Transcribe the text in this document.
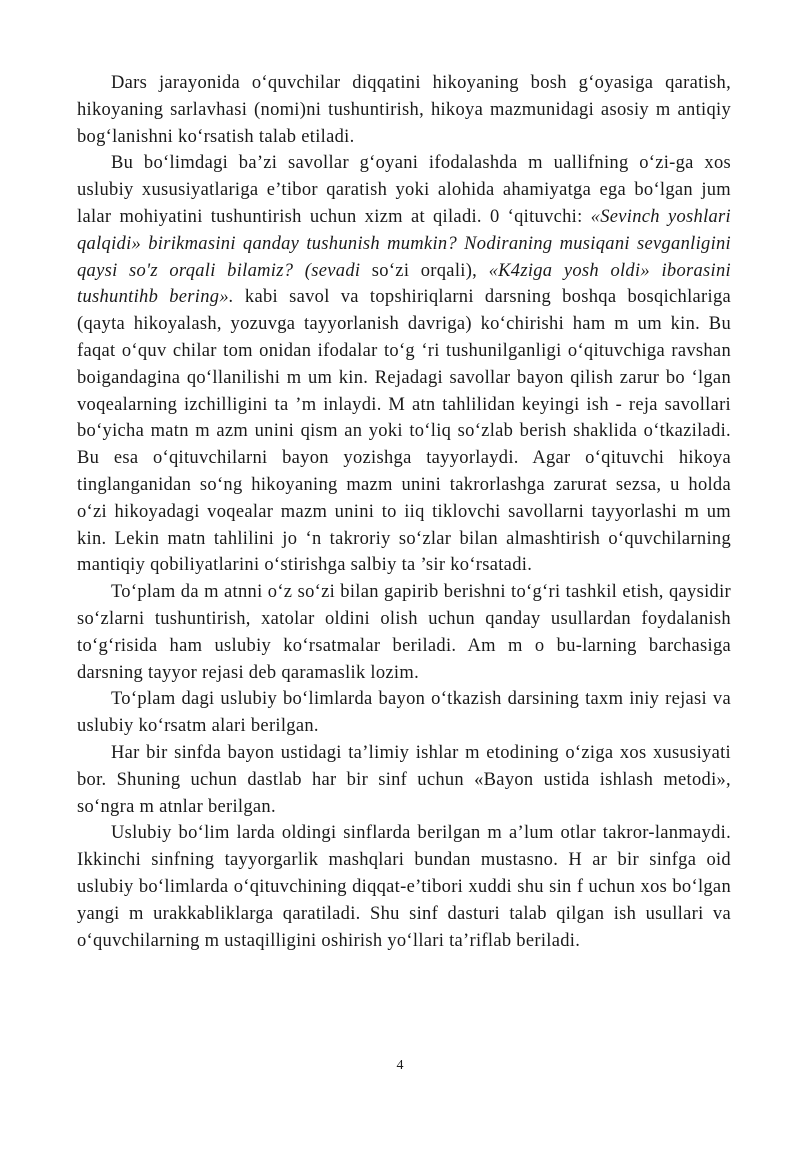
Dars jarayonida o‘quvchilar diqqatini hikoyaning bosh g‘oyasiga qaratish, hikoyaning sarlavhasi (nomi)ni tushuntirish, hikoya mazmunidagi asosiy m antiqiy bog‘lanishni ko‘rsatish talab etiladi.

Bu bo‘limdagi ba’zi savollar g‘oyani ifodalashda m uallifning o‘zi-ga xos uslubiy xususiyatlariga e’tibor qaratish yoki alohida ahamiyatga ega bo‘lgan jum lalar mohiyatini tushuntirish uchun xizm at qiladi. 0 ‘qituvchi: «Sevinch yoshlari qalqidi» birikmasini qanday tushunish mumkin? Nodiraning musiqani sevganligini qaysi so'z orqali bilamiz? (sevadi so‘zi orqali), «K4ziga yosh oldi» iborasini tushuntihb bering». kabi savol va topshiriqlarni darsning boshqa bosqichlariga (qayta hikoyalash, yozuvga tayyorlanish davriga) ko‘chirishi ham m um kin. Bu faqat o‘quv chilar tom onidan ifodalar to‘g ‘ri tushunilganligi o‘qituvchiga ravshan boigandagina qo‘llanilishi m um kin. Rejadagi savollar bayon qilish zarur bo ‘lgan voqealarning izchilligini ta ’m inlaydi. M atn tahlilidan keyingi ish - reja savollari bo‘yicha matn m azm unini qism an yoki to‘liq so‘zlab berish shaklida o‘tkaziladi. Bu esa o‘qituvchilarni bayon yozishga tayyorlaydi. Agar o‘qituvchi hikoya tinglanganidan so‘ng hikoyaning mazm unini takrorlashga zarurat sezsa, u holda o‘zi hikoyadagi voqealar mazm unini to iiq tiklovchi savollarni tayyorlashi m um kin. Lekin matn tahlilini jo ‘n takroriy so‘zlar bilan almashtirish o‘quvchilarning mantiqiy qobiliyatlarini o‘stirishga salbiy ta ’sir ko‘rsatadi.

To‘plam da m atnni o‘z so‘zi bilan gapirib berishni to‘g‘ri tashkil etish, qaysidir so‘zlarni tushuntirish, xatolar oldini olish uchun qanday usullardan foydalanish to‘g‘risida ham uslubiy ko‘rsatmalar beriladi. Am m o bu-larning barchasiga darsning tayyor rejasi deb qaramaslik lozim.

To‘plam dagi uslubiy bo‘limlarda bayon o‘tkazish darsining taxm iniy rejasi va uslubiy ko‘rsatm alari berilgan.

Har bir sinfda bayon ustidagi ta’limiy ishlar m etodining o‘ziga xos xususiyati bor. Shuning uchun dastlab har bir sinf uchun «Bayon ustida ishlash metodi», so‘ngra m atnlar berilgan.

Uslubiy bo‘lim larda oldingi sinflarda berilgan m a’lum otlar takror-lanmaydi. Ikkinchi sinfning tayyorgarlik mashqlari bundan mustasno. H ar bir sinfga oid uslubiy bo‘limlarda o‘qituvchining diqqat-e’tibori xuddi shu sin f uchun xos bo‘lgan yangi m urakkabliklarga qaratiladi. Shu sinf dasturi talab qilgan ish usullari va o‘quvchilarning m ustaqilligini oshirish yo‘llari ta’riflab beriladi.

4
